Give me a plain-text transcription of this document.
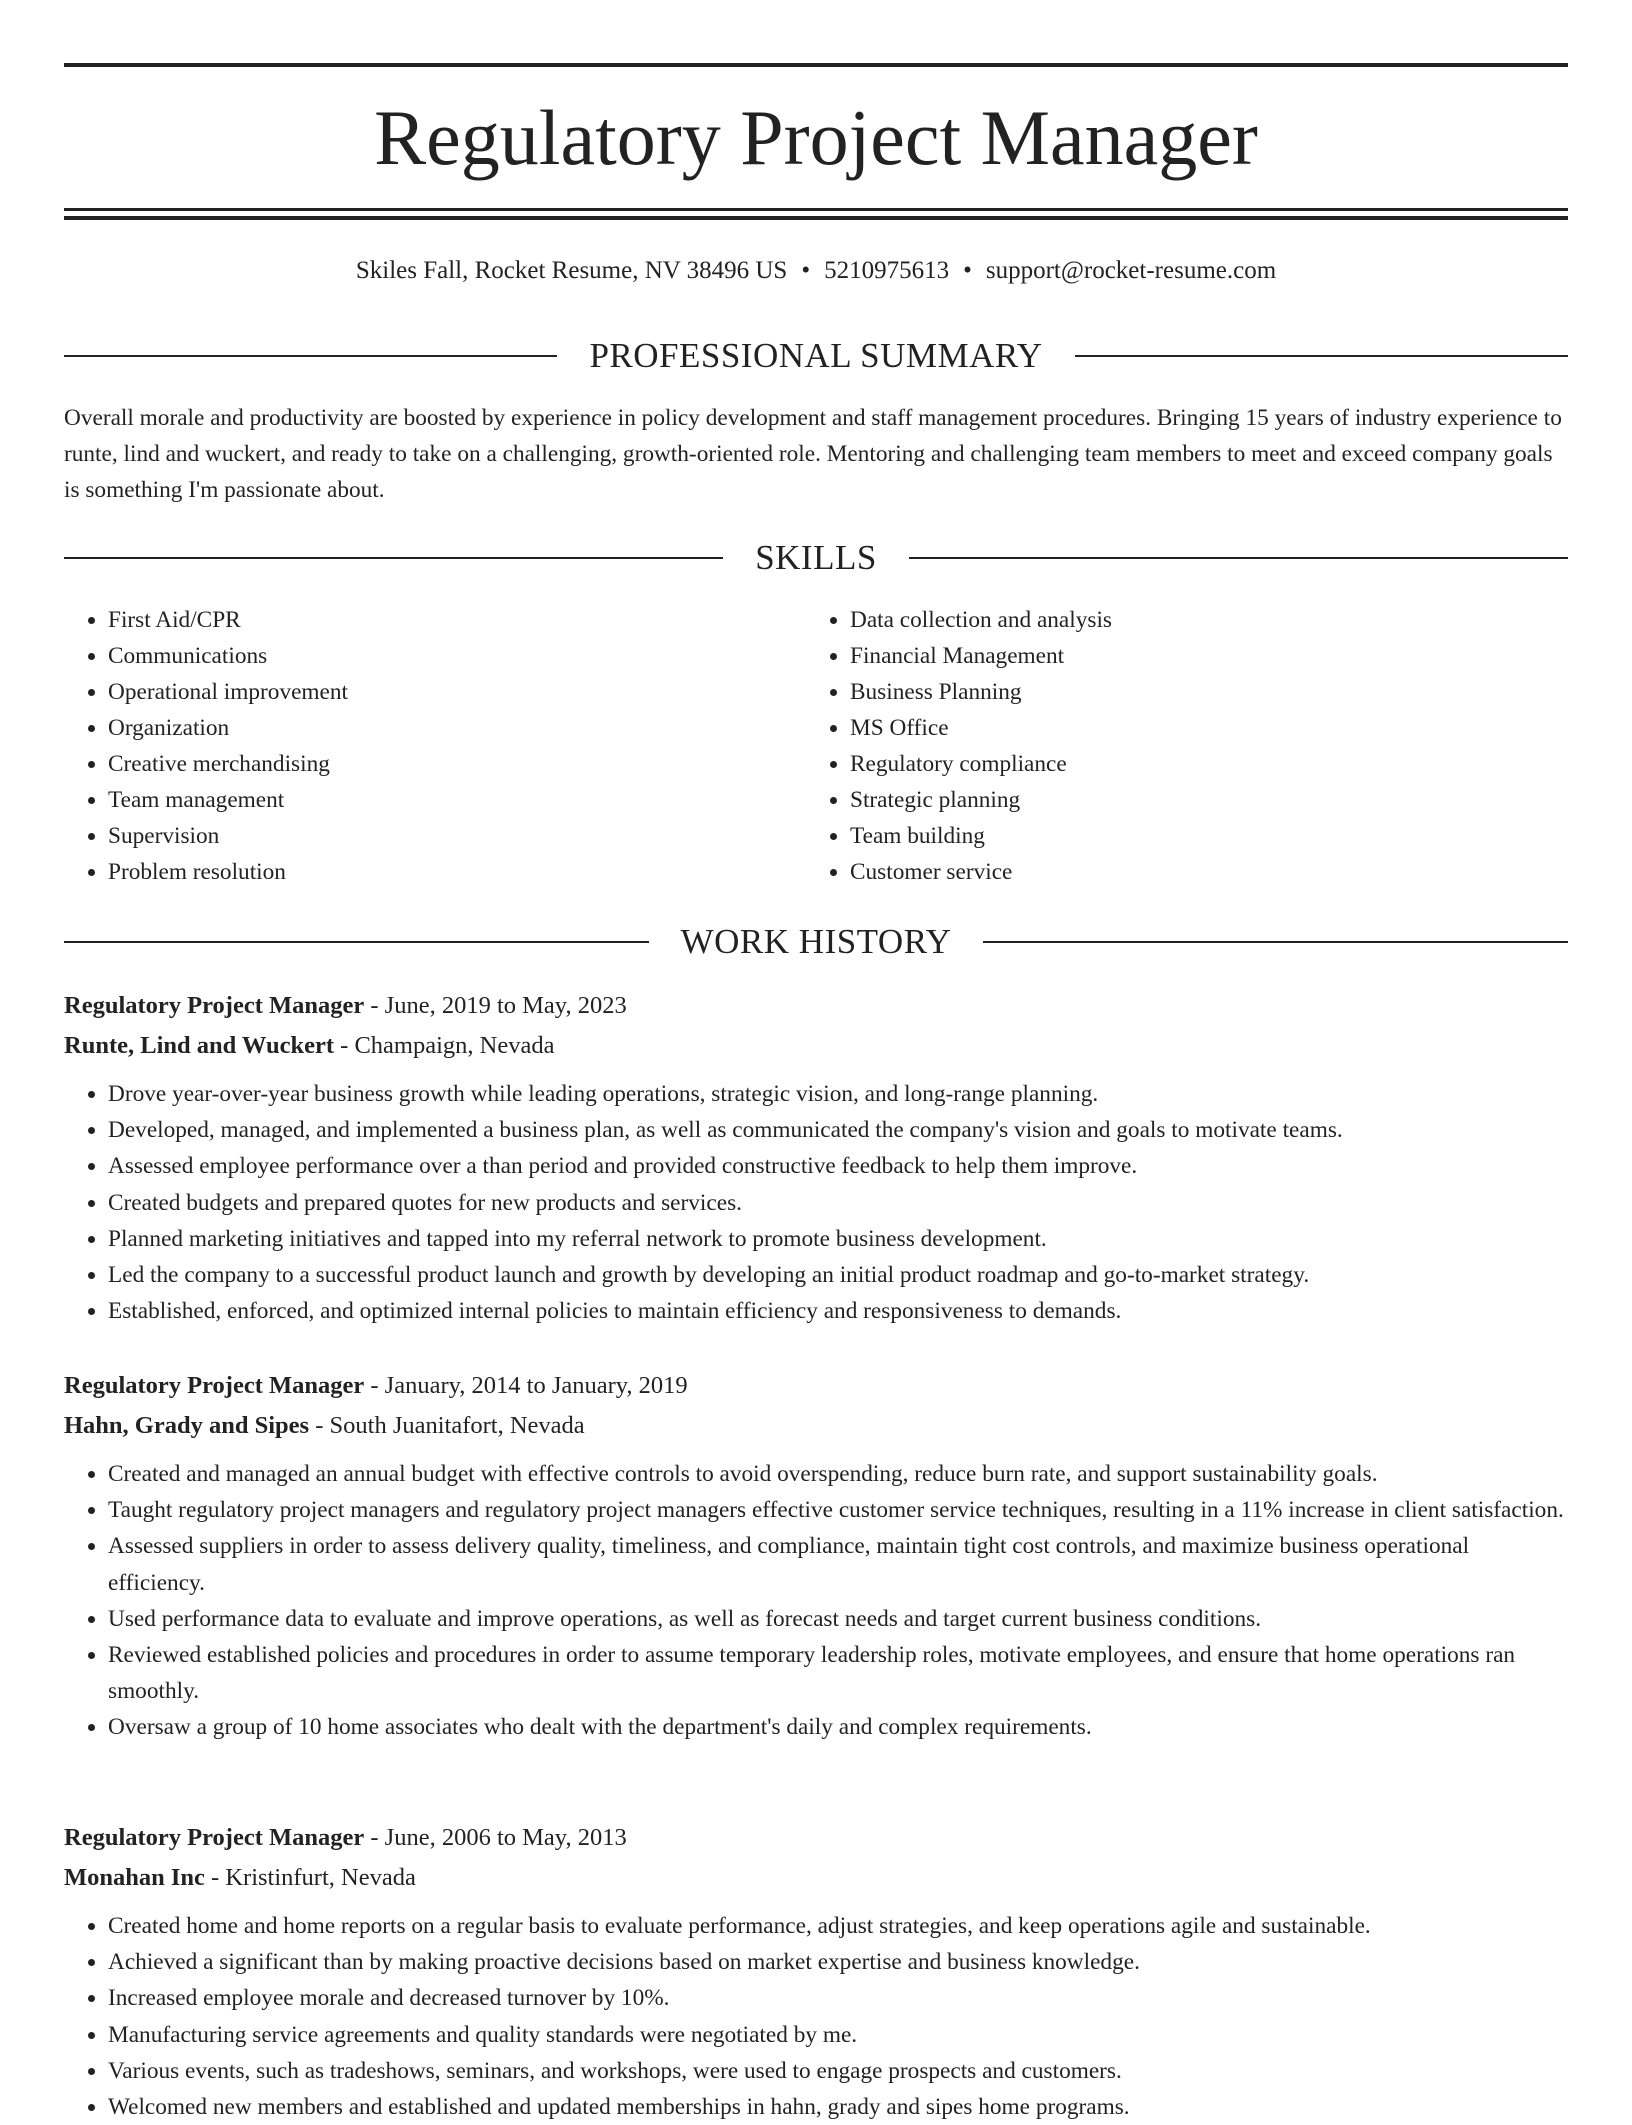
Regulatory Project Manager
Skiles Fall, Rocket Resume, NV 38496 US • 5210975613 • support@rocket-resume.com
PROFESSIONAL SUMMARY

Overall morale and productivity are boosted by experience in policy development and staff management procedures. Bringing 15 years of industry experience to runte, lind and wuckert, and ready to take on a challenging, growth-oriented role. Mentoring and challenging team members to meet and exceed company goals is something I'm passionate about.

SKILLS
• First Aid/CPR
• Communications
• Operational improvement
• Organization
• Creative merchandising
• Team management
• Supervision
• Problem resolution
• Data collection and analysis
• Financial Management
• Business Planning
• MS Office
• Regulatory compliance
• Strategic planning
• Team building
• Customer service
WORK HISTORY
Regulatory Project Manager - June, 2019 to May, 2023
Runte, Lind and Wuckert - Champaign, Nevada
• Drove year-over-year business growth while leading operations, strategic vision, and long-range planning.
• Developed, managed, and implemented a business plan, as well as communicated the company's vision and goals to motivate teams.
• Assessed employee performance over a than period and provided constructive feedback to help them improve.
• Created budgets and prepared quotes for new products and services.
• Planned marketing initiatives and tapped into my referral network to promote business development.
• Led the company to a successful product launch and growth by developing an initial product roadmap and go-to-market strategy.
• Established, enforced, and optimized internal policies to maintain efficiency and responsiveness to demands.
Regulatory Project Manager - January, 2014 to January, 2019
Hahn, Grady and Sipes - South Juanitafort, Nevada
• Created and managed an annual budget with effective controls to avoid overspending, reduce burn rate, and support sustainability goals.
• Taught regulatory project managers and regulatory project managers effective customer service techniques, resulting in a 11% increase in client satisfaction.
• Assessed suppliers in order to assess delivery quality, timeliness, and compliance, maintain tight cost controls, and maximize business operational efficiency.
• Used performance data to evaluate and improve operations, as well as forecast needs and target current business conditions.
• Reviewed established policies and procedures in order to assume temporary leadership roles, motivate employees, and ensure that home operations ran smoothly.
• Oversaw a group of 10 home associates who dealt with the department's daily and complex requirements.
Regulatory Project Manager - June, 2006 to May, 2013
Monahan Inc - Kristinfurt, Nevada
• Created home and home reports on a regular basis to evaluate performance, adjust strategies, and keep operations agile and sustainable.
• Achieved a significant than by making proactive decisions based on market expertise and business knowledge.
• Increased employee morale and decreased turnover by 10%.
• Manufacturing service agreements and quality standards were negotiated by me.
• Various events, such as tradeshows, seminars, and workshops, were used to engage prospects and customers.
• Welcomed new members and established and updated memberships in hahn, grady and sipes home programs.
